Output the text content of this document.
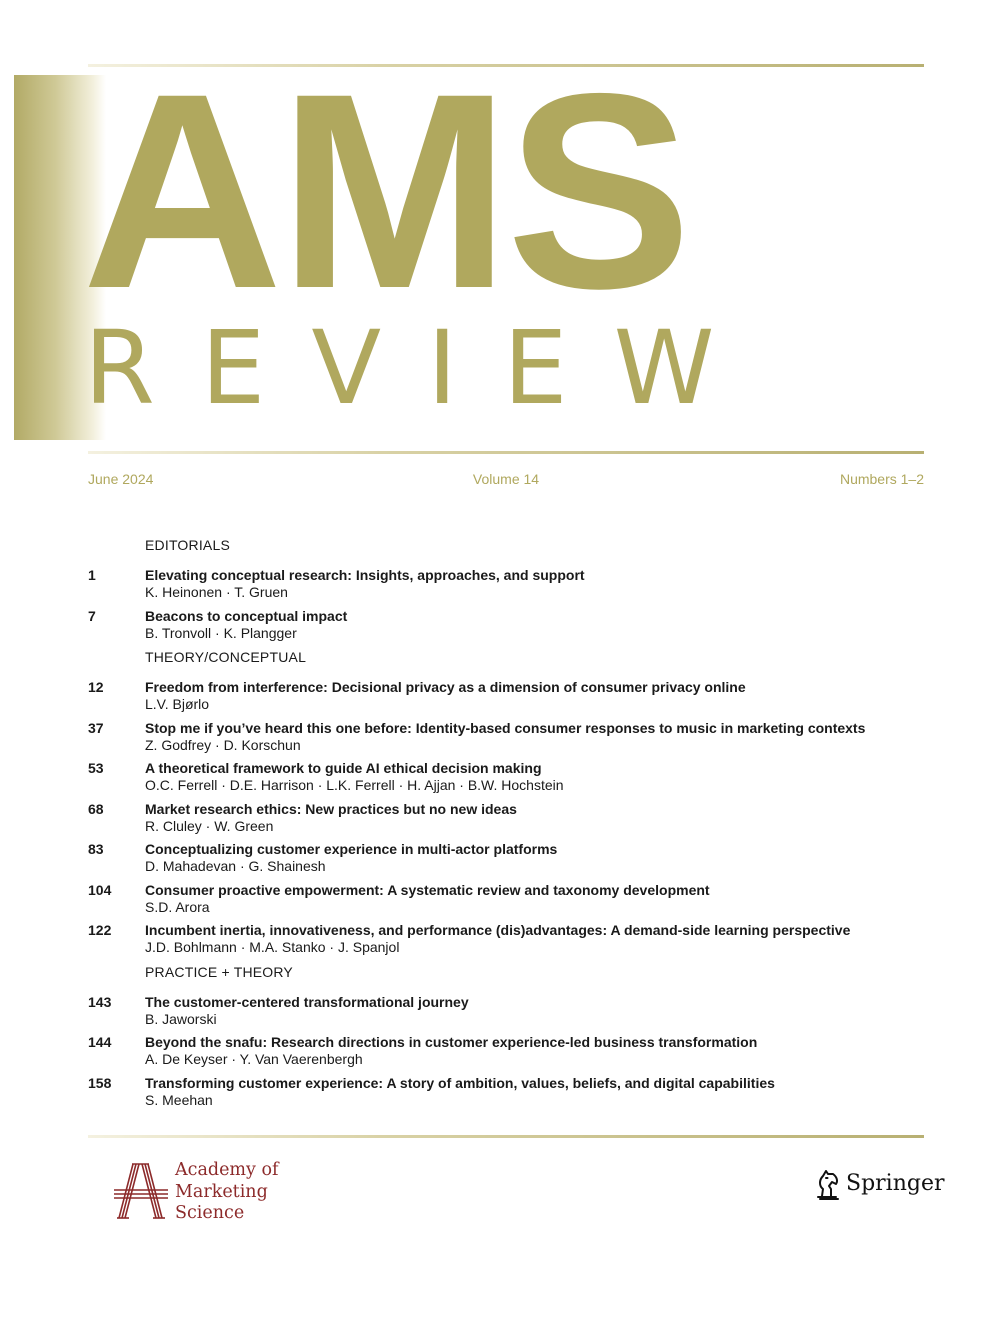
AMS
REVIEW
June 2024	Volume 14	Numbers 1–2
EDITORIALS
1	Elevating conceptual research: Insights, approaches, and support
K. Heinonen · T. Gruen
7	Beacons to conceptual impact
B. Tronvoll · K. Plangger
THEORY/CONCEPTUAL
12	Freedom from interference: Decisional privacy as a dimension of consumer privacy online
L.V. Bjørlo
37	Stop me if you’ve heard this one before: Identity-based consumer responses to music in marketing contexts
Z. Godfrey · D. Korschun
53	A theoretical framework to guide AI ethical decision making
O.C. Ferrell · D.E. Harrison · L.K. Ferrell · H. Ajjan · B.W. Hochstein
68	Market research ethics: New practices but no new ideas
R. Cluley · W. Green
83	Conceptualizing customer experience in multi-actor platforms
D. Mahadevan · G. Shainesh
104 Consumer proactive empowerment: A systematic review and taxonomy development
S.D. Arora
122 Incumbent inertia, innovativeness, and performance (dis)advantages: A demand-side learning perspective
J.D. Bohlmann · M.A. Stanko · J. Spanjol
PRACTICE + THEORY
143 The customer-centered transformational journey
B. Jaworski
144 Beyond the snafu: Research directions in customer experience-led business transformation
A. De Keyser · Y. Van Vaerenbergh
158 Transforming customer experience: A story of ambition, values, beliefs, and digital capabilities
S. Meehan
Academy of
Marketing
Science
Springer
